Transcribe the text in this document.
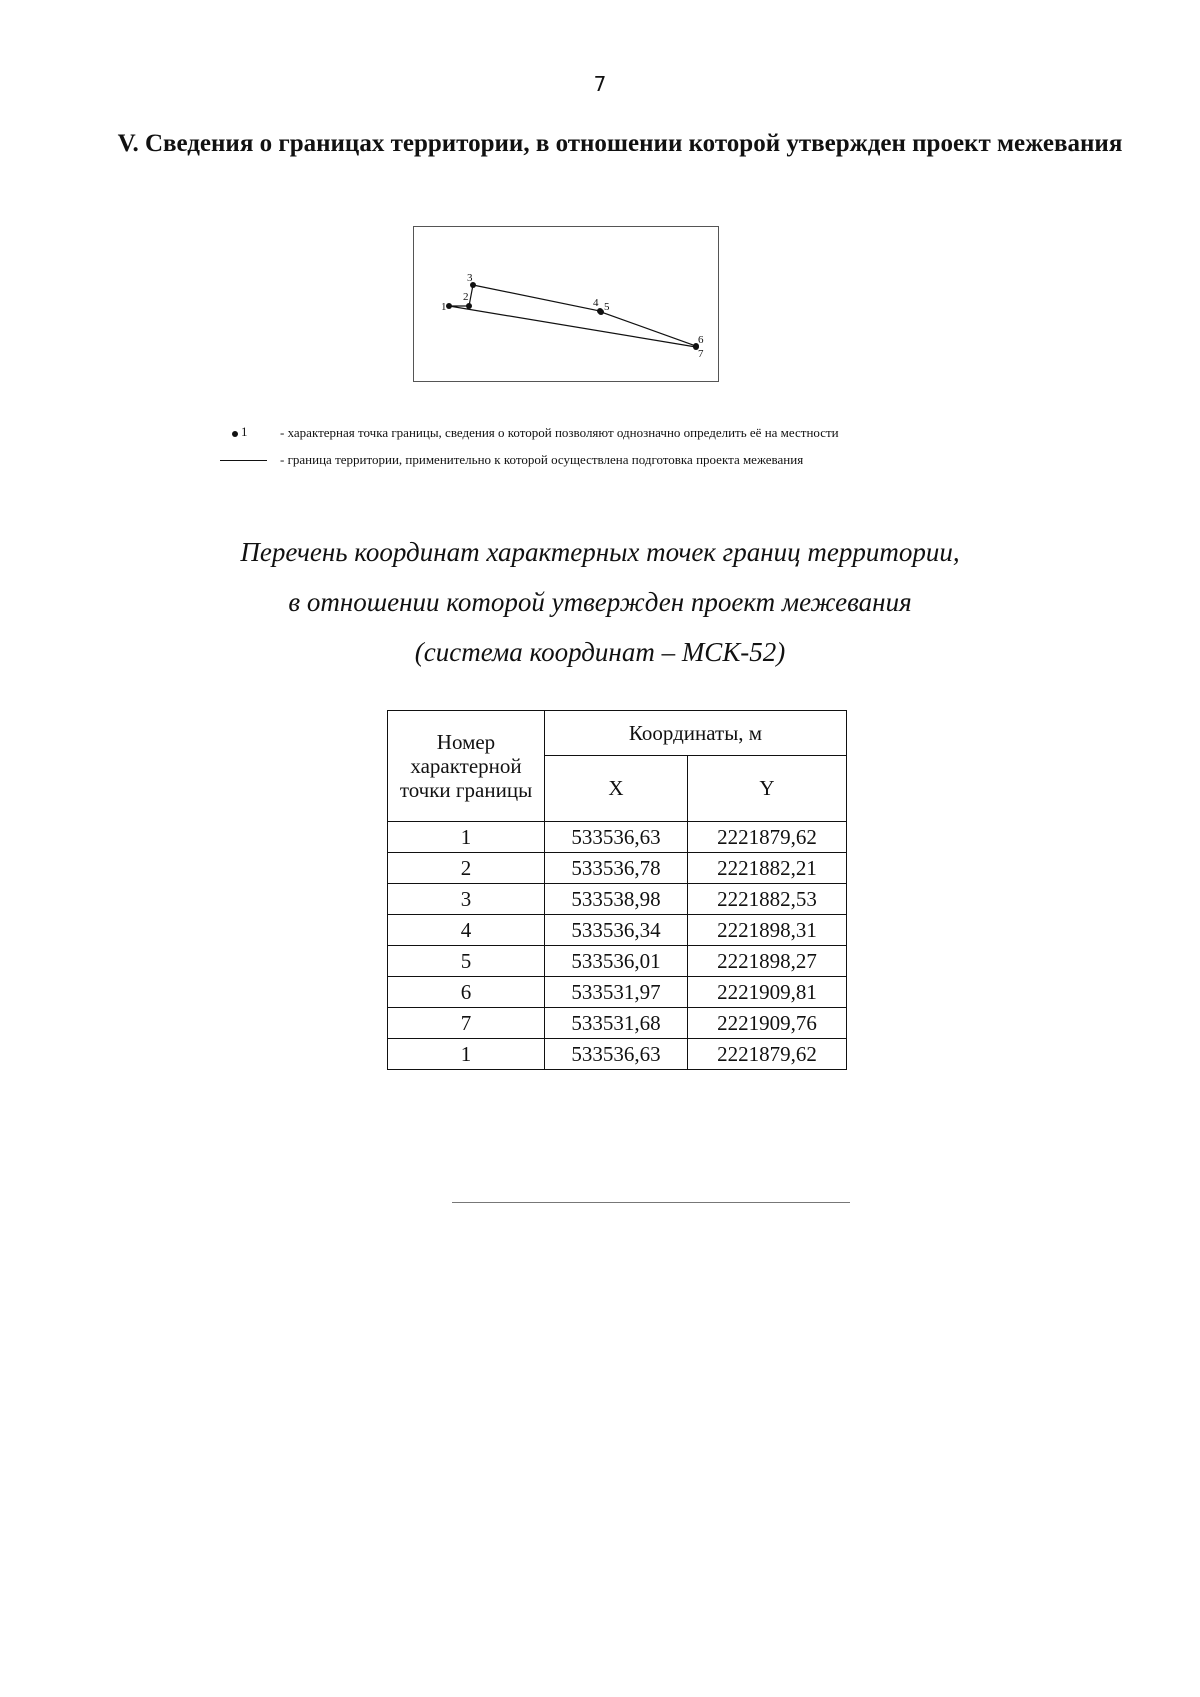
7
V. Сведения о границах территории, в отношении которой утвержден проект межевания
1
2
3
4 5
6
7
1	- характерная точка границы, сведения о которой позволяют однозначно определить её на местности
- граница территории, применительно к которой осуществлена подготовка проекта межевания

Перечень координат характерных точек границ территории,

в отношении которой утвержден проект межевания

(система координат – МСК-52)

Номер характерной точки границы	Координаты, м	
	X	Y
1	533536,63	2221879,62
2	533536,78	2221882,21
3	533538,98	2221882,53
4	533536,34	2221898,31
5	533536,01	2221898,27
6	533531,97	2221909,81
7	533531,68	2221909,76
1	533536,63	2221879,62
